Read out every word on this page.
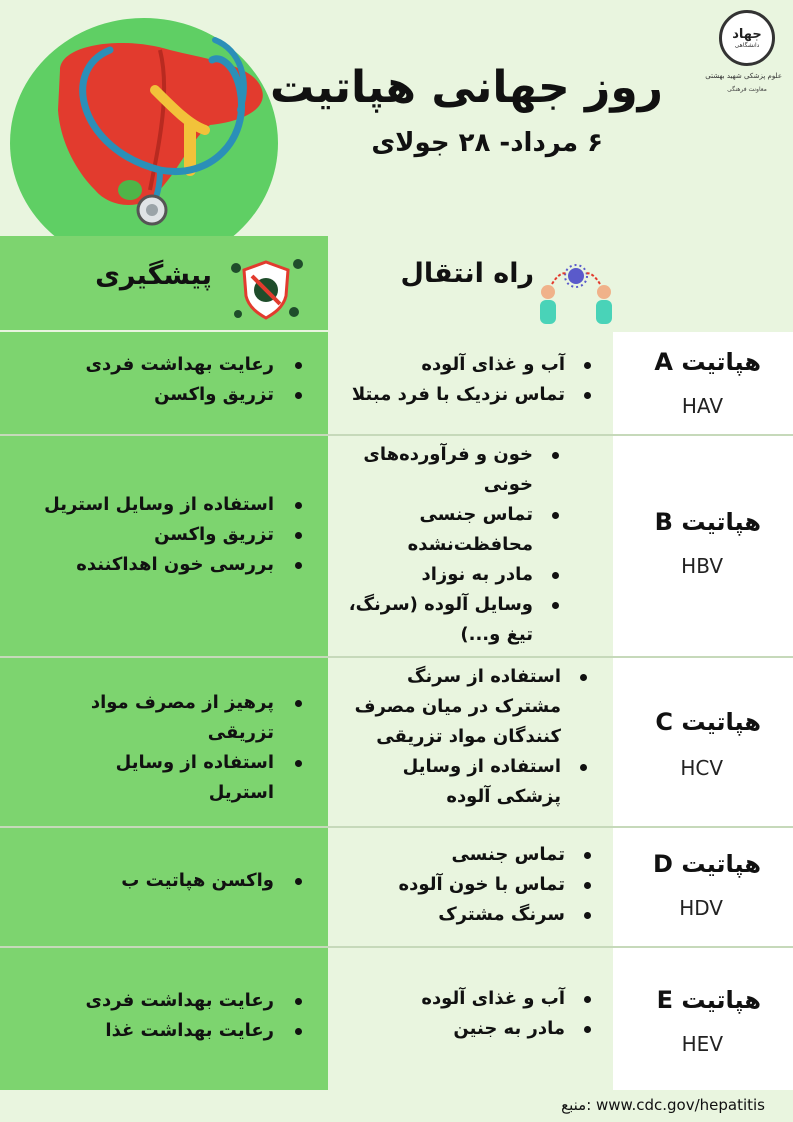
روز جهانی هپاتیت
۶ مرداد- ۲۸ جولای
جهاد
دانشگاهی
علوم پزشکی شهید بهشتی
معاونت فرهنگی
پیشگیری	راه انتقال
رعایت بهداشت فردی
تزریق واکسن
آب و غذای آلوده
تماس نزدیک با فرد مبتلا
هپاتیت A
HAV
استفاده از وسایل استریل
تزریق واکسن
بررسی خون اهداکننده
خون و فرآورده‌های خونی
تماس جنسی محافظت‌نشده
مادر به نوزاد
وسایل آلوده (سرنگ، تیغ و...)
هپاتیت B
HBV
پرهیز از مصرف مواد تزریقی
استفاده از وسایل استریل
استفاده از سرنگ مشترک در میان مصرف کنندگان مواد تزریقی
استفاده از وسایل پزشکی آلوده
هپاتیت C
HCV
واکسن هپاتیت ب
تماس جنسی
تماس با خون آلوده
سرنگ مشترک
هپاتیت D
HDV
رعایت بهداشت فردی
رعایت بهداشت غذا
آب و غذای آلوده
مادر به جنین
هپاتیت E
HEV
منبع: www.cdc.gov/hepatitis
